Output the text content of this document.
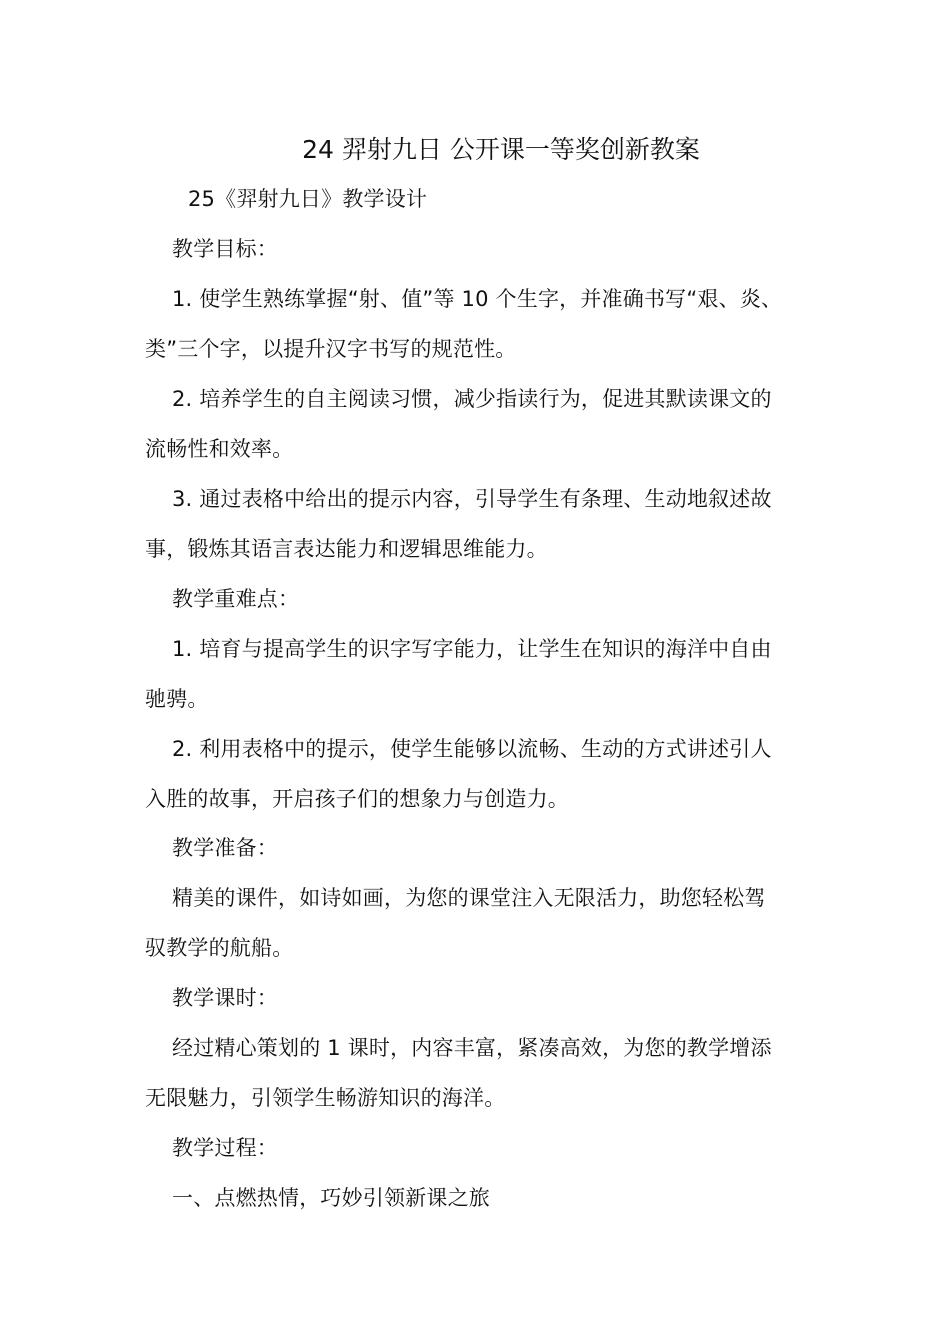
24 羿射九日 公开课一等奖创新教案
25《羿射九日》教学设计
教学目标：
1. 使学生熟练掌握“射、值”等 10 个生字，并准确书写“艰、炎、
类”三个字，以提升汉字书写的规范性。
2. 培养学生的自主阅读习惯，减少指读行为，促进其默读课文的
流畅性和效率。
3. 通过表格中给出的提示内容，引导学生有条理、生动地叙述故
事，锻炼其语言表达能力和逻辑思维能力。
教学重难点：
1. 培育与提高学生的识字写字能力，让学生在知识的海洋中自由
驰骋。
2. 利用表格中的提示，使学生能够以流畅、生动的方式讲述引人
入胜的故事，开启孩子们的想象力与创造力。
教学准备：
精美的课件，如诗如画，为您的课堂注入无限活力，助您轻松驾
驭教学的航船。
教学课时：
经过精心策划的 1 课时，内容丰富，紧凑高效，为您的教学增添
无限魅力，引领学生畅游知识的海洋。
教学过程：
一、点燃热情，巧妙引领新课之旅
